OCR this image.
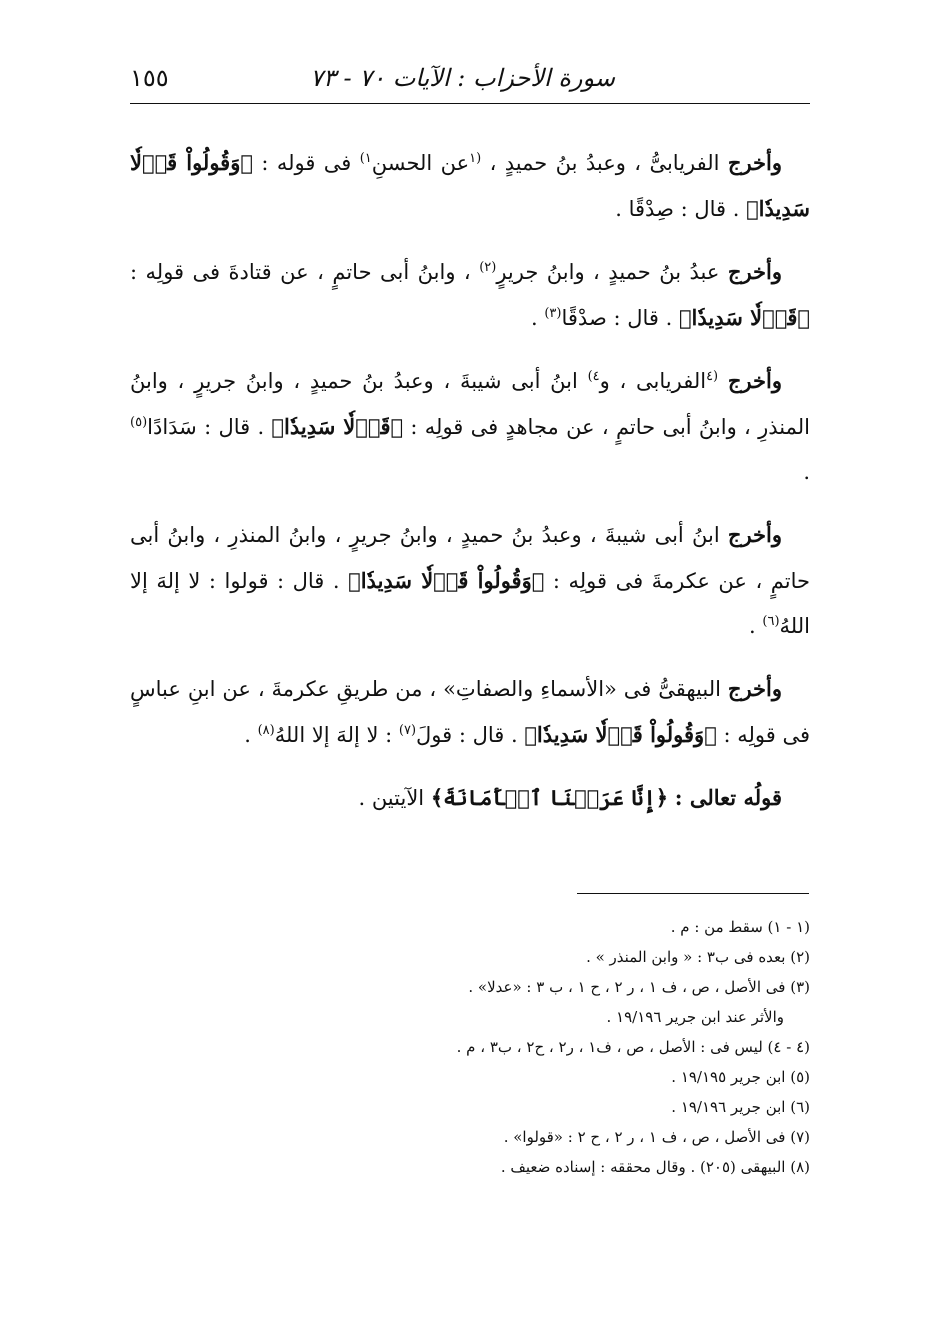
سورة الأحزاب : الآيات ٧٠ - ٧٣
١٥٥

وأخرج الفريابىُّ ، وعبدُ بنُ حميدٍ ، $^{(١}$عن الحسنِ$^{١)}$ فى قوله : ﴿وَقُولُواْ قَوۡلٗا سَدِيدٗا﴾ . قال : صِدْقًا .

وأخرج عبدُ بنُ حميدٍ ، وابنُ جريرٍ$^{(٢)}$ ، وابنُ أبى حاتمٍ ، عن قتادةَ فى قولِه : ﴿قَوۡلٗا سَدِيدٗا﴾ . قال : صدْقًا$^{(٣)}$ .

وأخرج $^{(٤}$الفريابى ، و$^{٤)}$ ابنُ أبى شيبةَ ، وعبدُ بنُ حميدٍ ، وابنُ جريرٍ ، وابنُ المنذرِ ، وابنُ أبى حاتمٍ ، عن مجاهدٍ فى قولِه : ﴿قَوۡلٗا سَدِيدٗا﴾ . قال : سَدَادًا$^{(٥)}$ .

وأخرج ابنُ أبى شيبةَ ، وعبدُ بنُ حميدٍ ، وابنُ جريرٍ ، وابنُ المنذرِ ، وابنُ أبى حاتمٍ ، عن عكرمةَ فى قولِه : ﴿وَقُولُواْ قَوۡلٗا سَدِيدٗا﴾ . قال : قولوا : لا إلهَ إلا اللهُ$^{(٦)}$ .

وأخرج البيهقىُّ فى «الأسماءِ والصفاتِ» ، من طريقِ عكرمةَ ، عن ابنِ عباسٍ فى قولِه : ﴿وَقُولُواْ قَوۡلٗا سَدِيدٗا﴾ . قال : قولَ$^{(٧)}$ : لا إلهَ إلا اللهُ$^{(٨)}$ .

قولُه تعالى : ﴿إِنَّا عَرَضۡنَا ٱلۡأَمَانَةَ﴾ الآيتين .

(١ - ١) سقط من : م .

(٢) بعده فى ب٣ : « وابن المنذر » .

(٣) فى الأصل ، ص ، ف ١ ، ر ٢ ، ح ١ ، ب ٣ : «عدلا» .

والأثر عند ابن جرير ١٩/١٩٦ .

(٤ - ٤) ليس فى : الأصل ، ص ، ف١ ، ر٢ ، ح٢ ، ب٣ ، م .

(٥) ابن جرير ١٩/١٩٥ .

(٦) ابن جرير ١٩/١٩٦ .

(٧) فى الأصل ، ص ، ف ١ ، ر ٢ ، ح ٢ : «قولوا» .

(٨) البيهقى (٢٠٥) . وقال محققه : إسناده ضعيف .
